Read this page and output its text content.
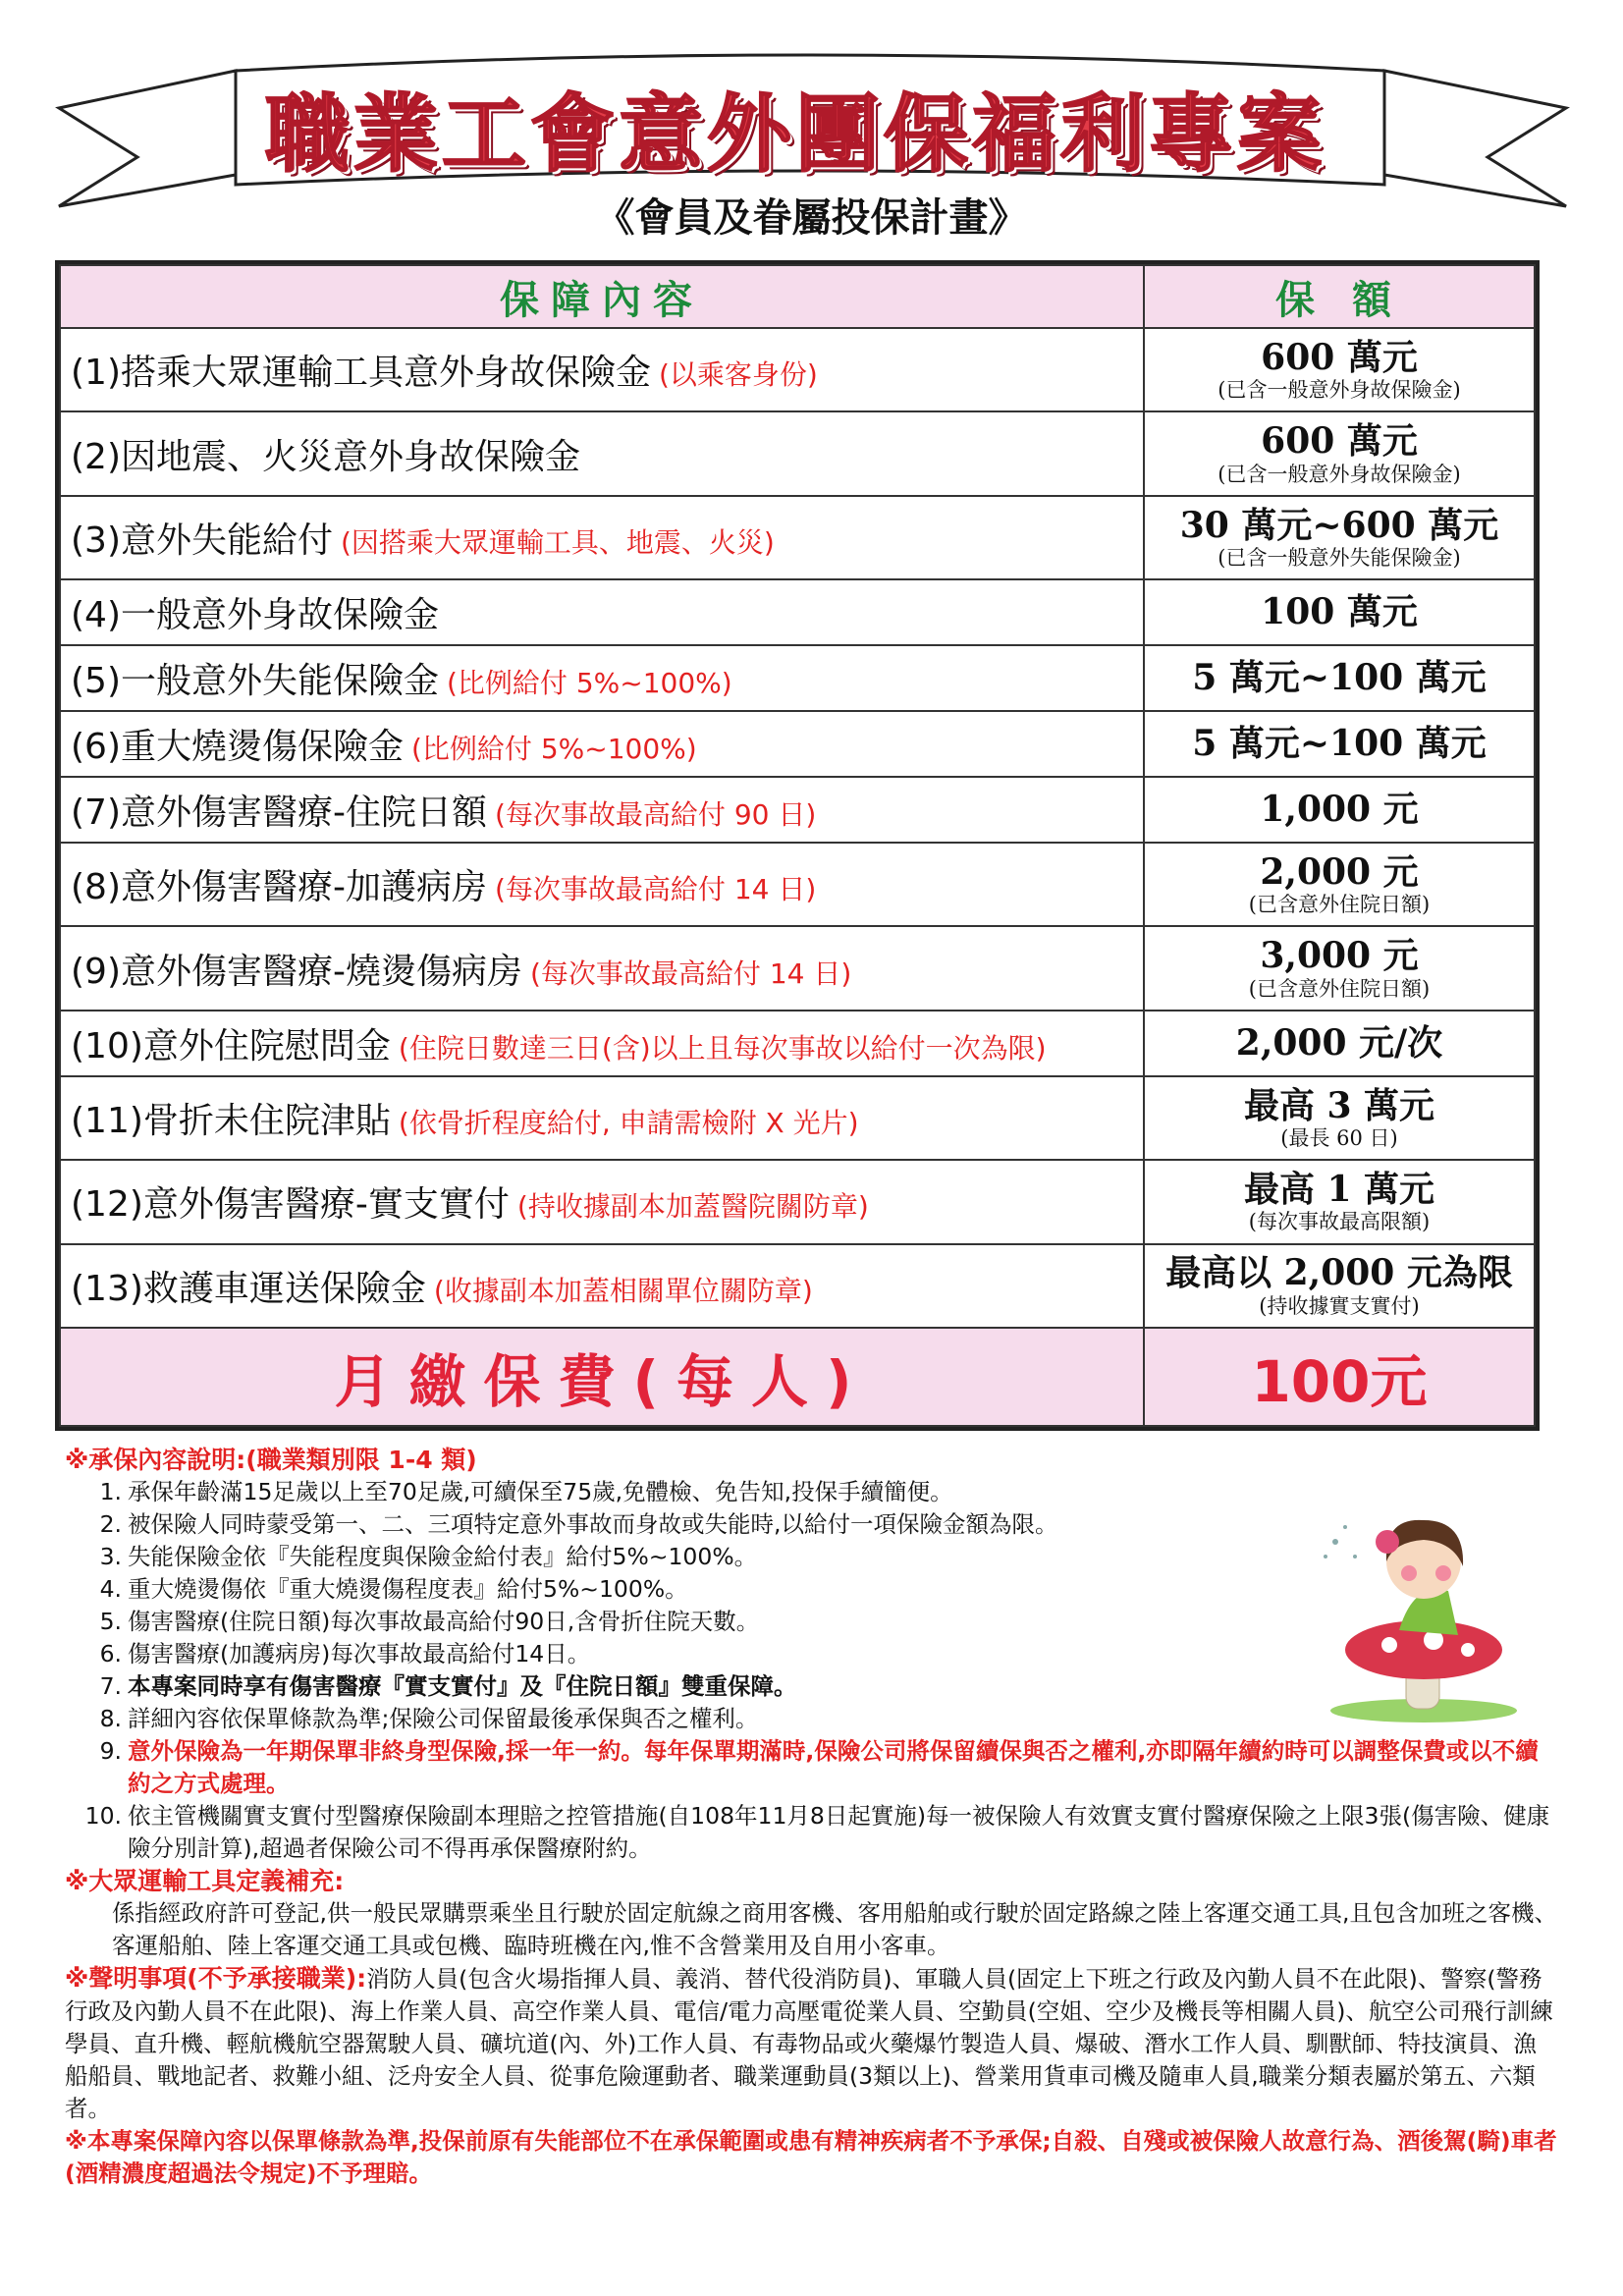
職業工會意外團保福利專案
《會員及眷屬投保計畫》
保障內容	保 額
(1)搭乘大眾運輸工具意外身故保險金 (以乘客身份)	600 萬元
(已含一般意外身故保險金)

(2)因地震、火災意外身故保險金	600 萬元
(已含一般意外身故保險金)

(3)意外失能給付 (因搭乘大眾運輸工具、地震、火災)	30 萬元~600 萬元
(已含一般意外失能保險金)

(4)一般意外身故保險金	100 萬元

(5)一般意外失能保險金 (比例給付 5%~100%)	5 萬元~100 萬元

(6)重大燒燙傷保險金 (比例給付 5%~100%)	5 萬元~100 萬元

(7)意外傷害醫療-住院日額 (每次事故最高給付 90 日)	1,000 元

(8)意外傷害醫療-加護病房 (每次事故最高給付 14 日)	2,000 元
(已含意外住院日額)

(9)意外傷害醫療-燒燙傷病房 (每次事故最高給付 14 日)	3,000 元
(已含意外住院日額)

(10)意外住院慰問金 (住院日數達三日(含)以上且每次事故以給付一次為限)	2,000 元/次

(11)骨折未住院津貼 (依骨折程度給付, 申請需檢附 X 光片)	最高 3 萬元
(最長 60 日)

(12)意外傷害醫療-實支實付 (持收據副本加蓋醫院關防章)	最高 1 萬元
(每次事故最高限額)

(13)救護車運送保險金 (收據副本加蓋相關單位關防章)	最高以 2,000 元為限
(持收據實支實付)

月繳保費(每人)	100元
※承保內容說明:(職業類別限 1-4 類)
1. 承保年齡滿15足歲以上至70足歲,可續保至75歲,免體檢、免告知,投保手續簡便。
2. 被保險人同時蒙受第一、二、三項特定意外事故而身故或失能時,以給付一項保險金額為限。
3. 失能保險金依『失能程度與保險金給付表』給付5%~100%。
4. 重大燒燙傷依『重大燒燙傷程度表』給付5%~100%。
5. 傷害醫療(住院日額)每次事故最高給付90日,含骨折住院天數。
6. 傷害醫療(加護病房)每次事故最高給付14日。
7. 本專案同時享有傷害醫療『實支實付』及『住院日額』雙重保障。
8. 詳細內容依保單條款為準;保險公司保留最後承保與否之權利。
9. 意外保險為一年期保單非終身型保險,採一年一約。每年保單期滿時,保險公司將保留續保與否之權利,亦即隔年續約時可以調整保費或以不續約之方式處理。
10. 依主管機關實支實付型醫療保險副本理賠之控管措施(自108年11月8日起實施)每一被保險人有效實支實付醫療保險之上限3張(傷害險、健康險分別計算),超過者保險公司不得再承保醫療附約。
※大眾運輸工具定義補充:
係指經政府許可登記,供一般民眾購票乘坐且行駛於固定航線之商用客機、客用船舶或行駛於固定路線之陸上客運交通工具,且包含加班之客機、客運船舶、陸上客運交通工具或包機、臨時班機在內,惟不含營業用及自用小客車。
※聲明事項(不予承接職業):消防人員(包含火場指揮人員、義消、替代役消防員)、軍職人員(固定上下班之行政及內勤人員不在此限)、警察(警務行政及內勤人員不在此限)、海上作業人員、高空作業人員、電信/電力高壓電從業人員、空勤員(空姐、空少及機長等相關人員)、航空公司飛行訓練學員、直升機、輕航機航空器駕駛人員、礦坑道(內、外)工作人員、有毒物品或火藥爆竹製造人員、爆破、潛水工作人員、馴獸師、特技演員、漁船船員、戰地記者、救難小組、泛舟安全人員、從事危險運動者、職業運動員(3類以上)、營業用貨車司機及隨車人員,職業分類表屬於第五、六類者。
※本專案保障內容以保單條款為準,投保前原有失能部位不在承保範圍或患有精神疾病者不予承保;自殺、自殘或被保險人故意行為、酒後駕(騎)車者(酒精濃度超過法令規定)不予理賠。
